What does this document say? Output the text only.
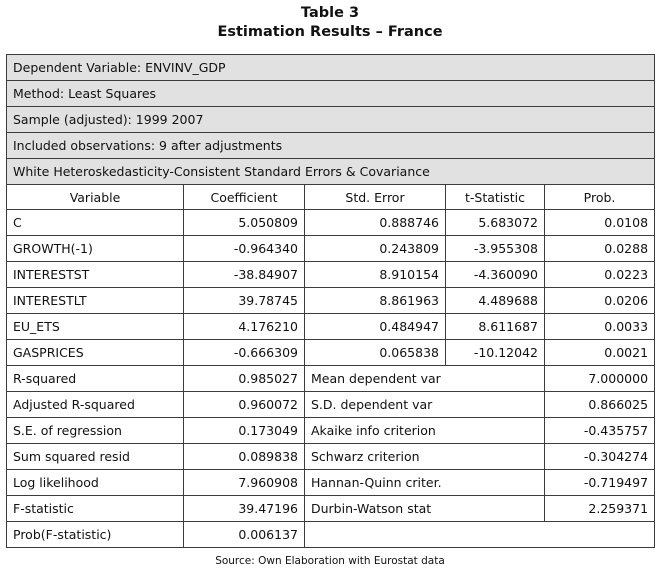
Table 3
Estimation Results – France
Dependent Variable: ENVINV_GDP				
Method: Least Squares				
Sample (adjusted): 1999 2007				
Included observations: 9 after adjustments				
White Heteroskedasticity-Consistent Standard Errors & Covariance				
Variable	Coefficient	Std. Error	t-Statistic	Prob.
C	5.050809	0.888746	5.683072	0.0108
GROWTH(-1)	-0.964340	0.243809	-3.955308	0.0288
INTERESTST	-38.84907	8.910154	-4.360090	0.0223
INTERESTLT	39.78745	8.861963	4.489688	0.0206
EU_ETS	4.176210	0.484947	8.611687	0.0033
GASPRICES	-0.666309	0.065838	-10.12042	0.0021
R-squared	0.985027	Mean dependent var		7.000000
Adjusted R-squared	0.960072	S.D. dependent var		0.866025
S.E. of regression	0.173049	Akaike info criterion		-0.435757
Sum squared resid	0.089838	Schwarz criterion		-0.304274
Log likelihood	7.960908	Hannan-Quinn criter.		-0.719497
F-statistic	39.47196	Durbin-Watson stat		2.259371
Prob(F-statistic)	0.006137			
Source: Own Elaboration with Eurostat data
